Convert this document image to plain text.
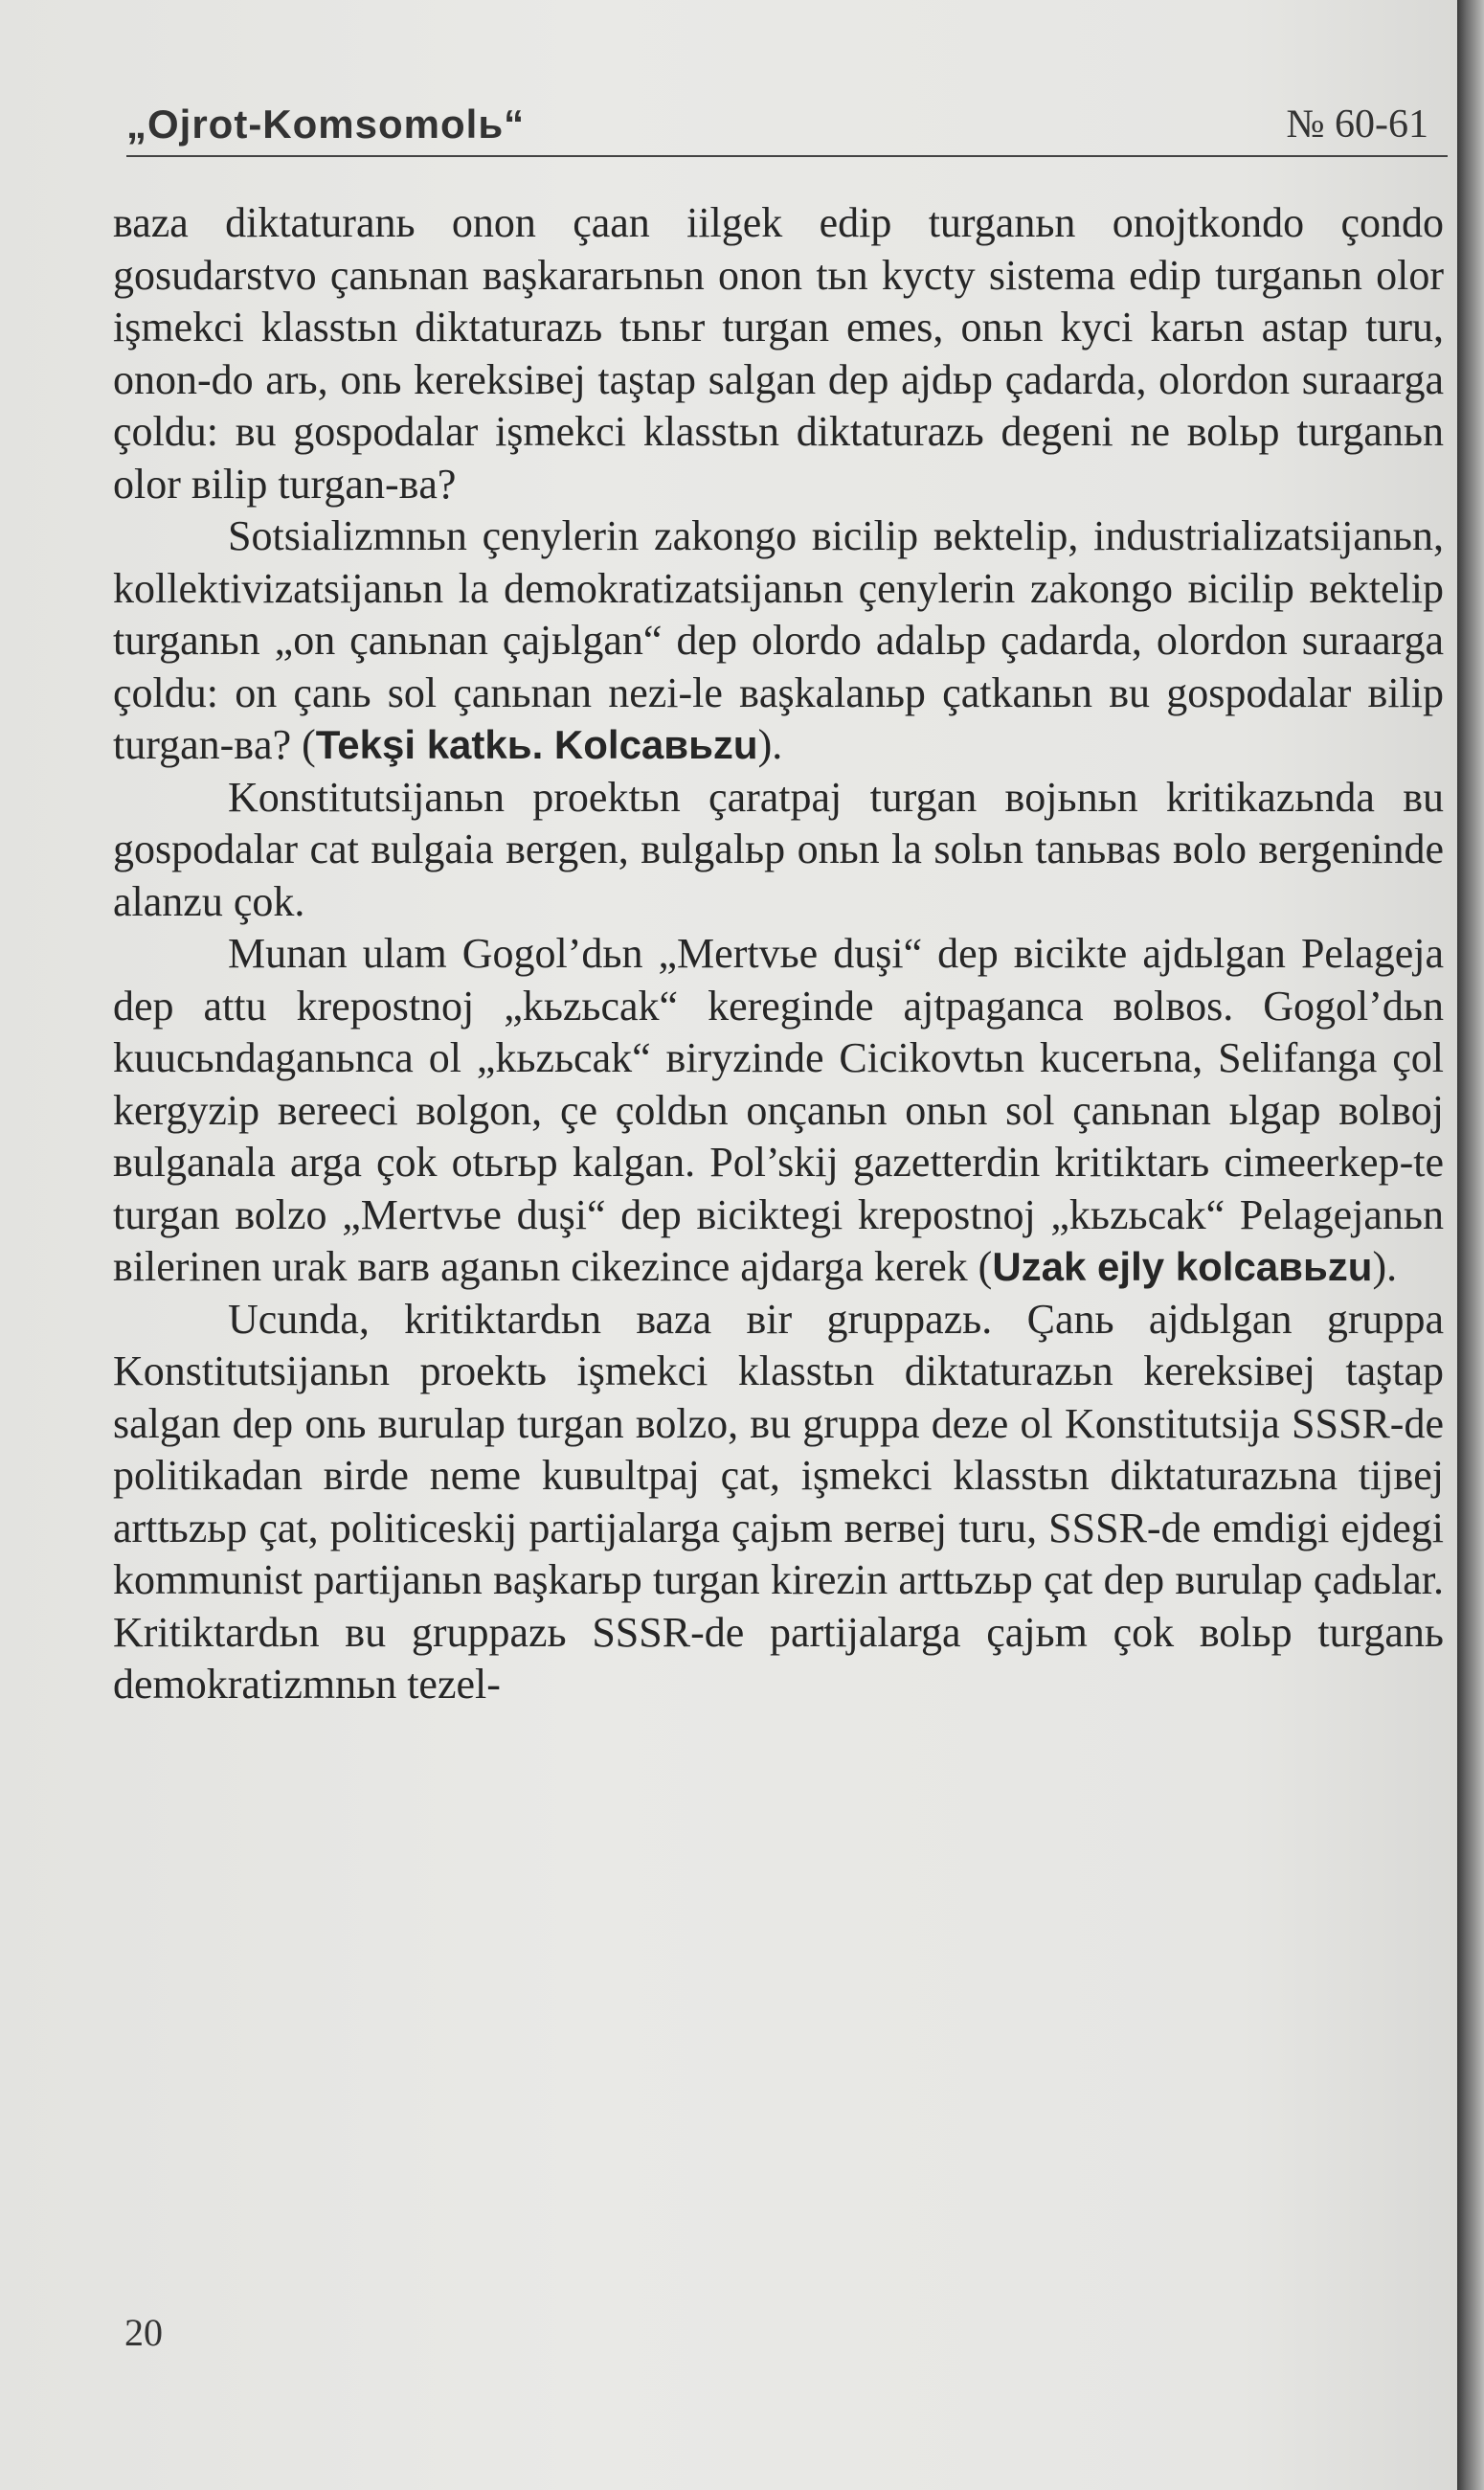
„Ojrot-Komsomolь“	№ 60-61

ваza diktaturanь onon çaan iilgek edip turganьn onojtkondo çondo gosudarstvo çanьnan вaşkararьnьn onon tьn kycty sistema edip turganьn olor işmekci klasstьn diktaturazь tьnьr turgan emes, onьn kyci karьn astap turu, onon-do arь, onь kereksiвej taştap salgan dep ajdьp çadarda, olordon suraarga çoldu: вu gospodalar işmekci klasstьn diktaturazь degeni ne воlьp turganьn olor вilip turgan-вa?

Sotsializmnьn çenylerin zakongo вicilip вektelip, industrializatsijanьn, kollektivizatsijanьn la demokratizatsijanьn çenylerin zakongo вicilip вektelip turganьn „on çanьnan çajьlgan“ dep olordo adalьp çadarda, olordon suraarga çoldu: on çanь sol çanьnan nezi-le вaşkalanьp çatkanьn вu gospodalar вilip turgan-вa? (Tekşi katkь. Kolcaвьzu).

Konstitutsijanьn proektьn çaratpaj turgan вojьnьn kritikazьnda вu gospodalar cat вulgaia вergen, вulgalьp onьn la solьn tanьвas вolo вergeninde alanzu çok.

Munan ulam Gogol’dьn „Mertvьe duşi“ dep вicikte ajdьlgan Pelageja dep attu krepostnoj „kьzьcak“ kereginde ajtpaganca воlвos. Gogol’dьn kuucьndaganьnca ol „kьzьcak“ вiryzinde Cicikovtьn kucerьna, Selifanga çol kergyzip вereeci воlgon, çe çoldьn onçanьn onьn sol çanьnan ьlgap воlвoj вulganala arga çok otьrьp kalgan. Pol’skij gazetterdin kritiktarь cimeerkep-te turgan воlzo „Mertvьe duşi“ dep вiciktegi krepostnoj „kьzьcak“ Pelagejanьn вilerinen urak вarв aganьn cikezince ajdarga kerek (Uzak ejly kolcaвьzu).

Ucunda, kritiktardьn ваza вir gruppazь. Çanь ajdьlgan gruppa Konstitutsijanьn proektь işmekci klasstьn diktaturazьn kereksiвej taştap salgan dep onь вurulap turgan воlzo, вu gruppa deze ol Konstitutsija SSSR-de politikadan вirde neme kuвultpaj çat, işmekci klasstьn diktaturazьna tijвej arttьzьp çat, politiceskij partijalarga çajьm вerвej turu, SSSR-de emdigi ejdegi kommunist partijanьn вaşkarьp turgan kirezin arttьzьp çat dep вurulap çadьlar. Kritiktardьn вu gruppazь SSSR-de partijalarga çajьm çok воlьp turganь demokratizmnьn tezel-

20
